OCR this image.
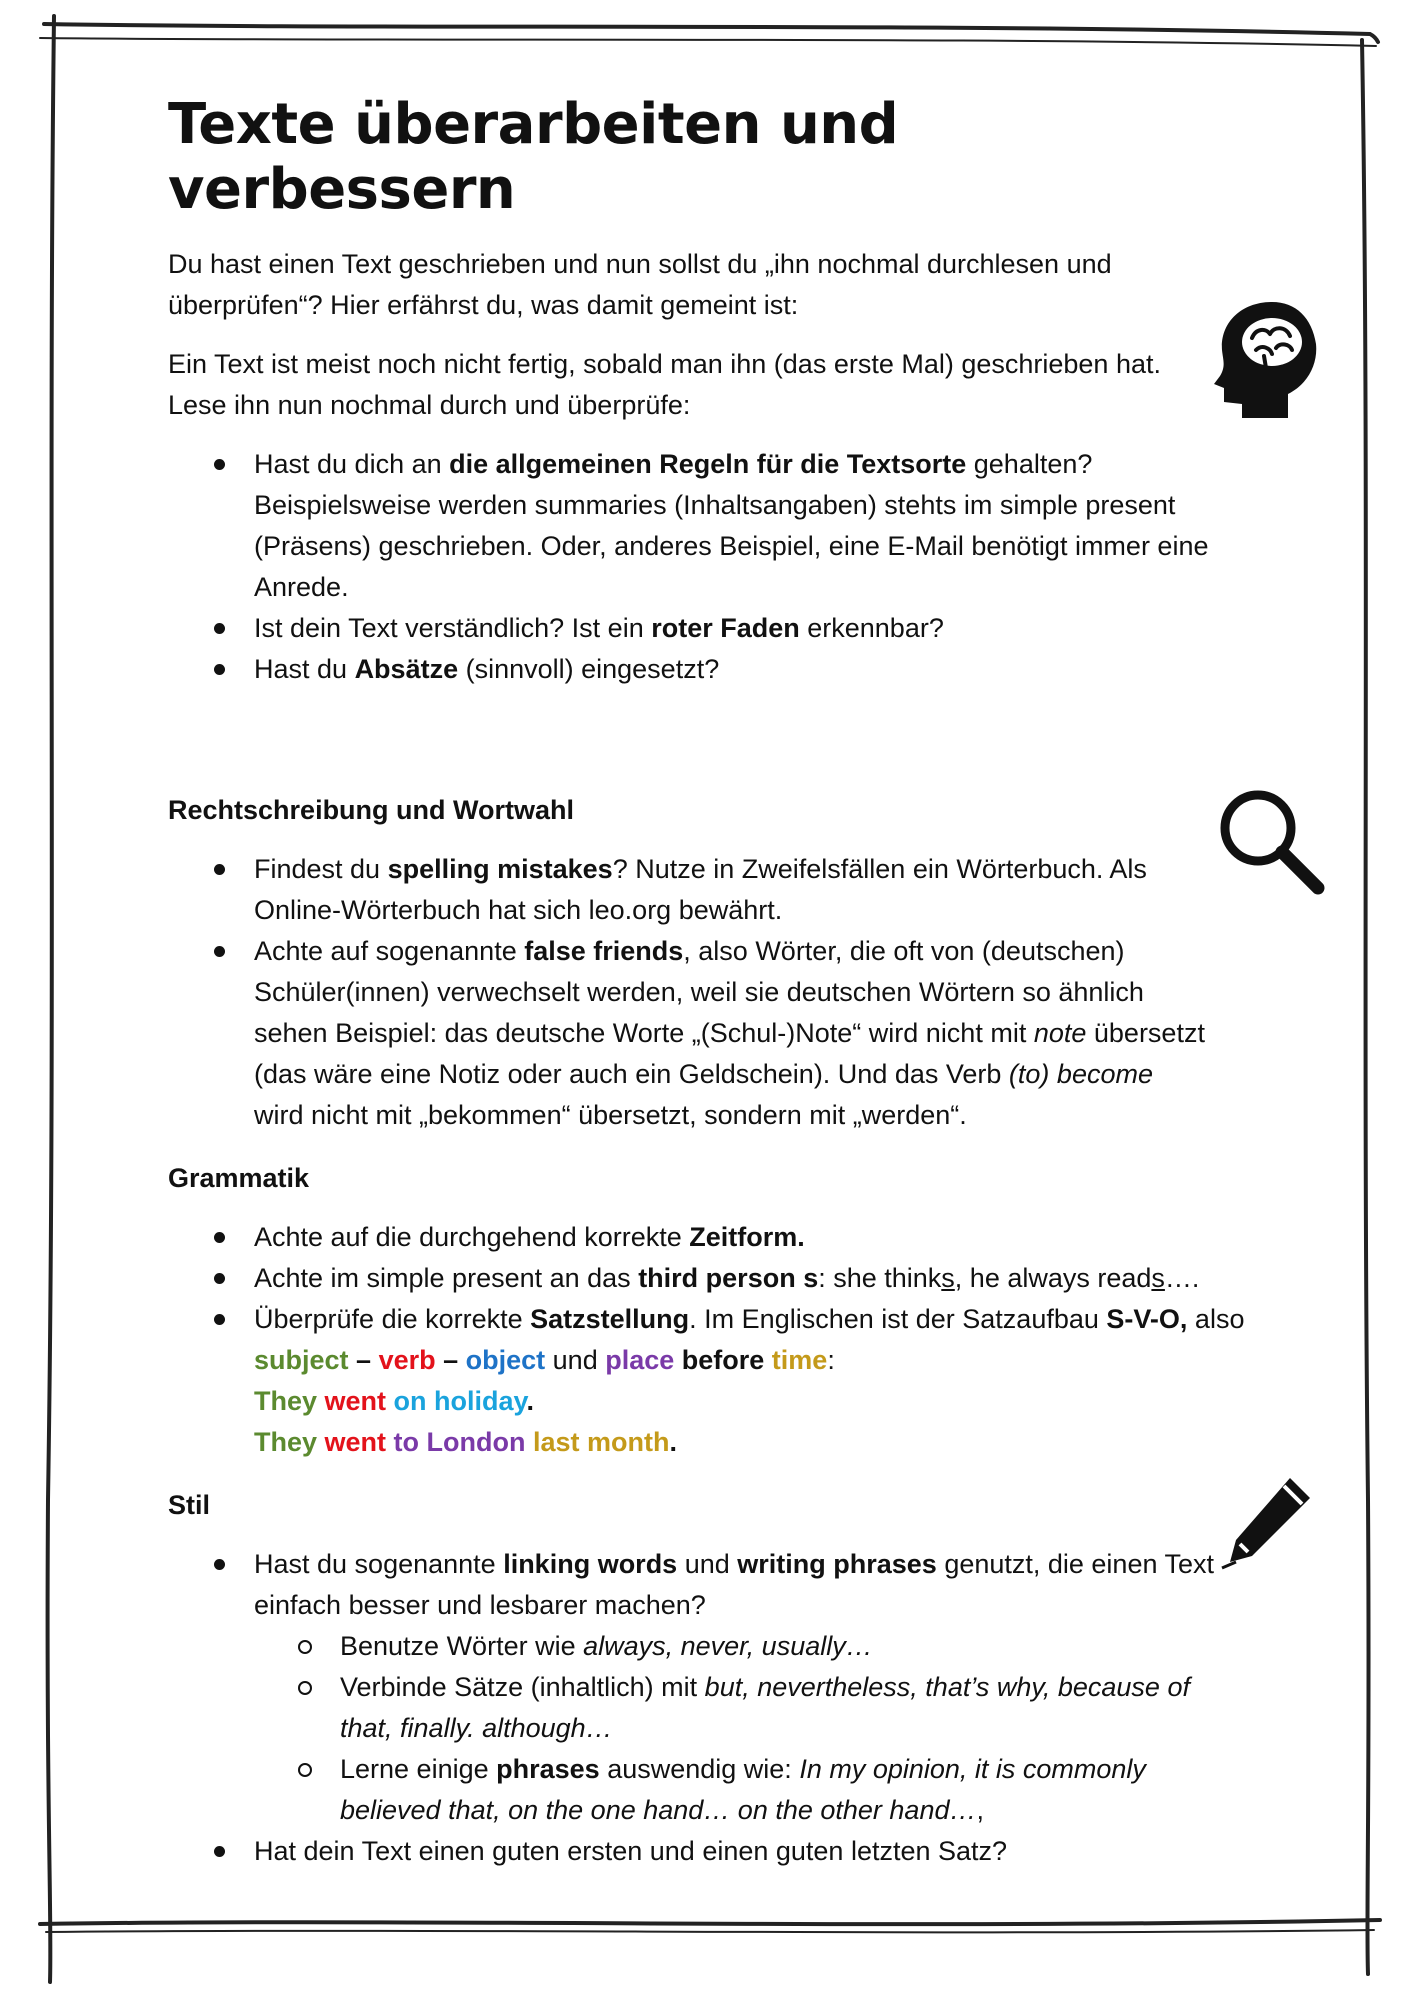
Texte überarbeiten und verbessern

Du hast einen Text geschrieben und nun sollst du „ihn nochmal durchlesen und überprüfen“? Hier erfährst du, was damit gemeint ist:

Ein Text ist meist noch nicht fertig, sobald man ihn (das erste Mal) geschrieben hat. Lese ihn nun nochmal durch und überprüfe:

Hast du dich an die allgemeinen Regeln für die Textsorte gehalten? Beispielsweise werden summaries (Inhaltsangaben) stehts im simple present (Präsens) geschrieben. Oder, anderes Beispiel, eine E-Mail benötigt immer eine Anrede.
Ist dein Text verständlich? Ist ein roter Faden erkennbar?
Hast du Absätze (sinnvoll) eingesetzt?
Rechtschreibung und Wortwahl
Findest du spelling mistakes? Nutze in Zweifelsfällen ein Wörterbuch. Als Online-Wörterbuch hat sich leo.org bewährt.
Achte auf sogenannte false friends, also Wörter, die oft von (deutschen) Schüler(innen) verwechselt werden, weil sie deutschen Wörtern so ähnlich sehen Beispiel: das deutsche Worte „(Schul-)Note“ wird nicht mit note übersetzt (das wäre eine Notiz oder auch ein Geldschein). Und das Verb (to) become wird nicht mit „bekommen“ übersetzt, sondern mit „werden“.
Grammatik
Achte auf die durchgehend korrekte Zeitform.
Achte im simple present an das third person s: she thinks, he always reads….
Überprüfe die korrekte Satzstellung. Im Englischen ist der Satzaufbau S-V-O, also
subject – verb – object und place before time:
They went on holiday.
They went to London last month.
Stil
Hast du sogenannte linking words und writing phrases genutzt, die einen Text einfach besser und lesbarer machen?
Benutze Wörter wie always, never, usually…
Verbinde Sätze (inhaltlich) mit but, nevertheless, that’s why, because of that, finally. although…
Lerne einige phrases auswendig wie: In my opinion, it is commonly believed that, on the one hand… on the other hand…,
Hat dein Text einen guten ersten und einen guten letzten Satz?
